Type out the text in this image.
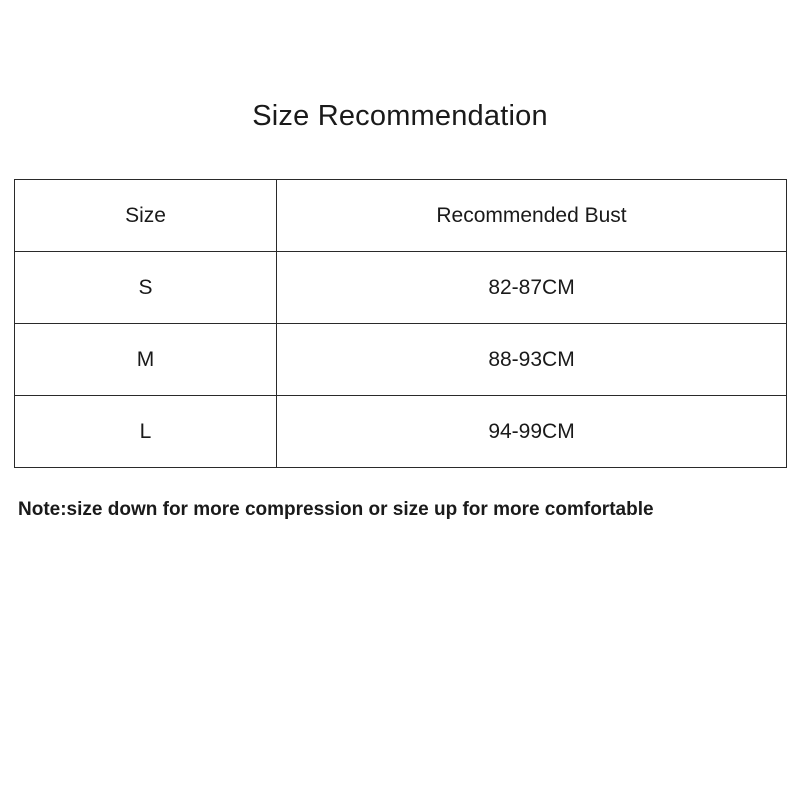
Size Recommendation
Size	Recommended Bust
S	82-87CM
M	88-93CM
L	94-99CM
Note:size down for more compression or size up for more comfortable
